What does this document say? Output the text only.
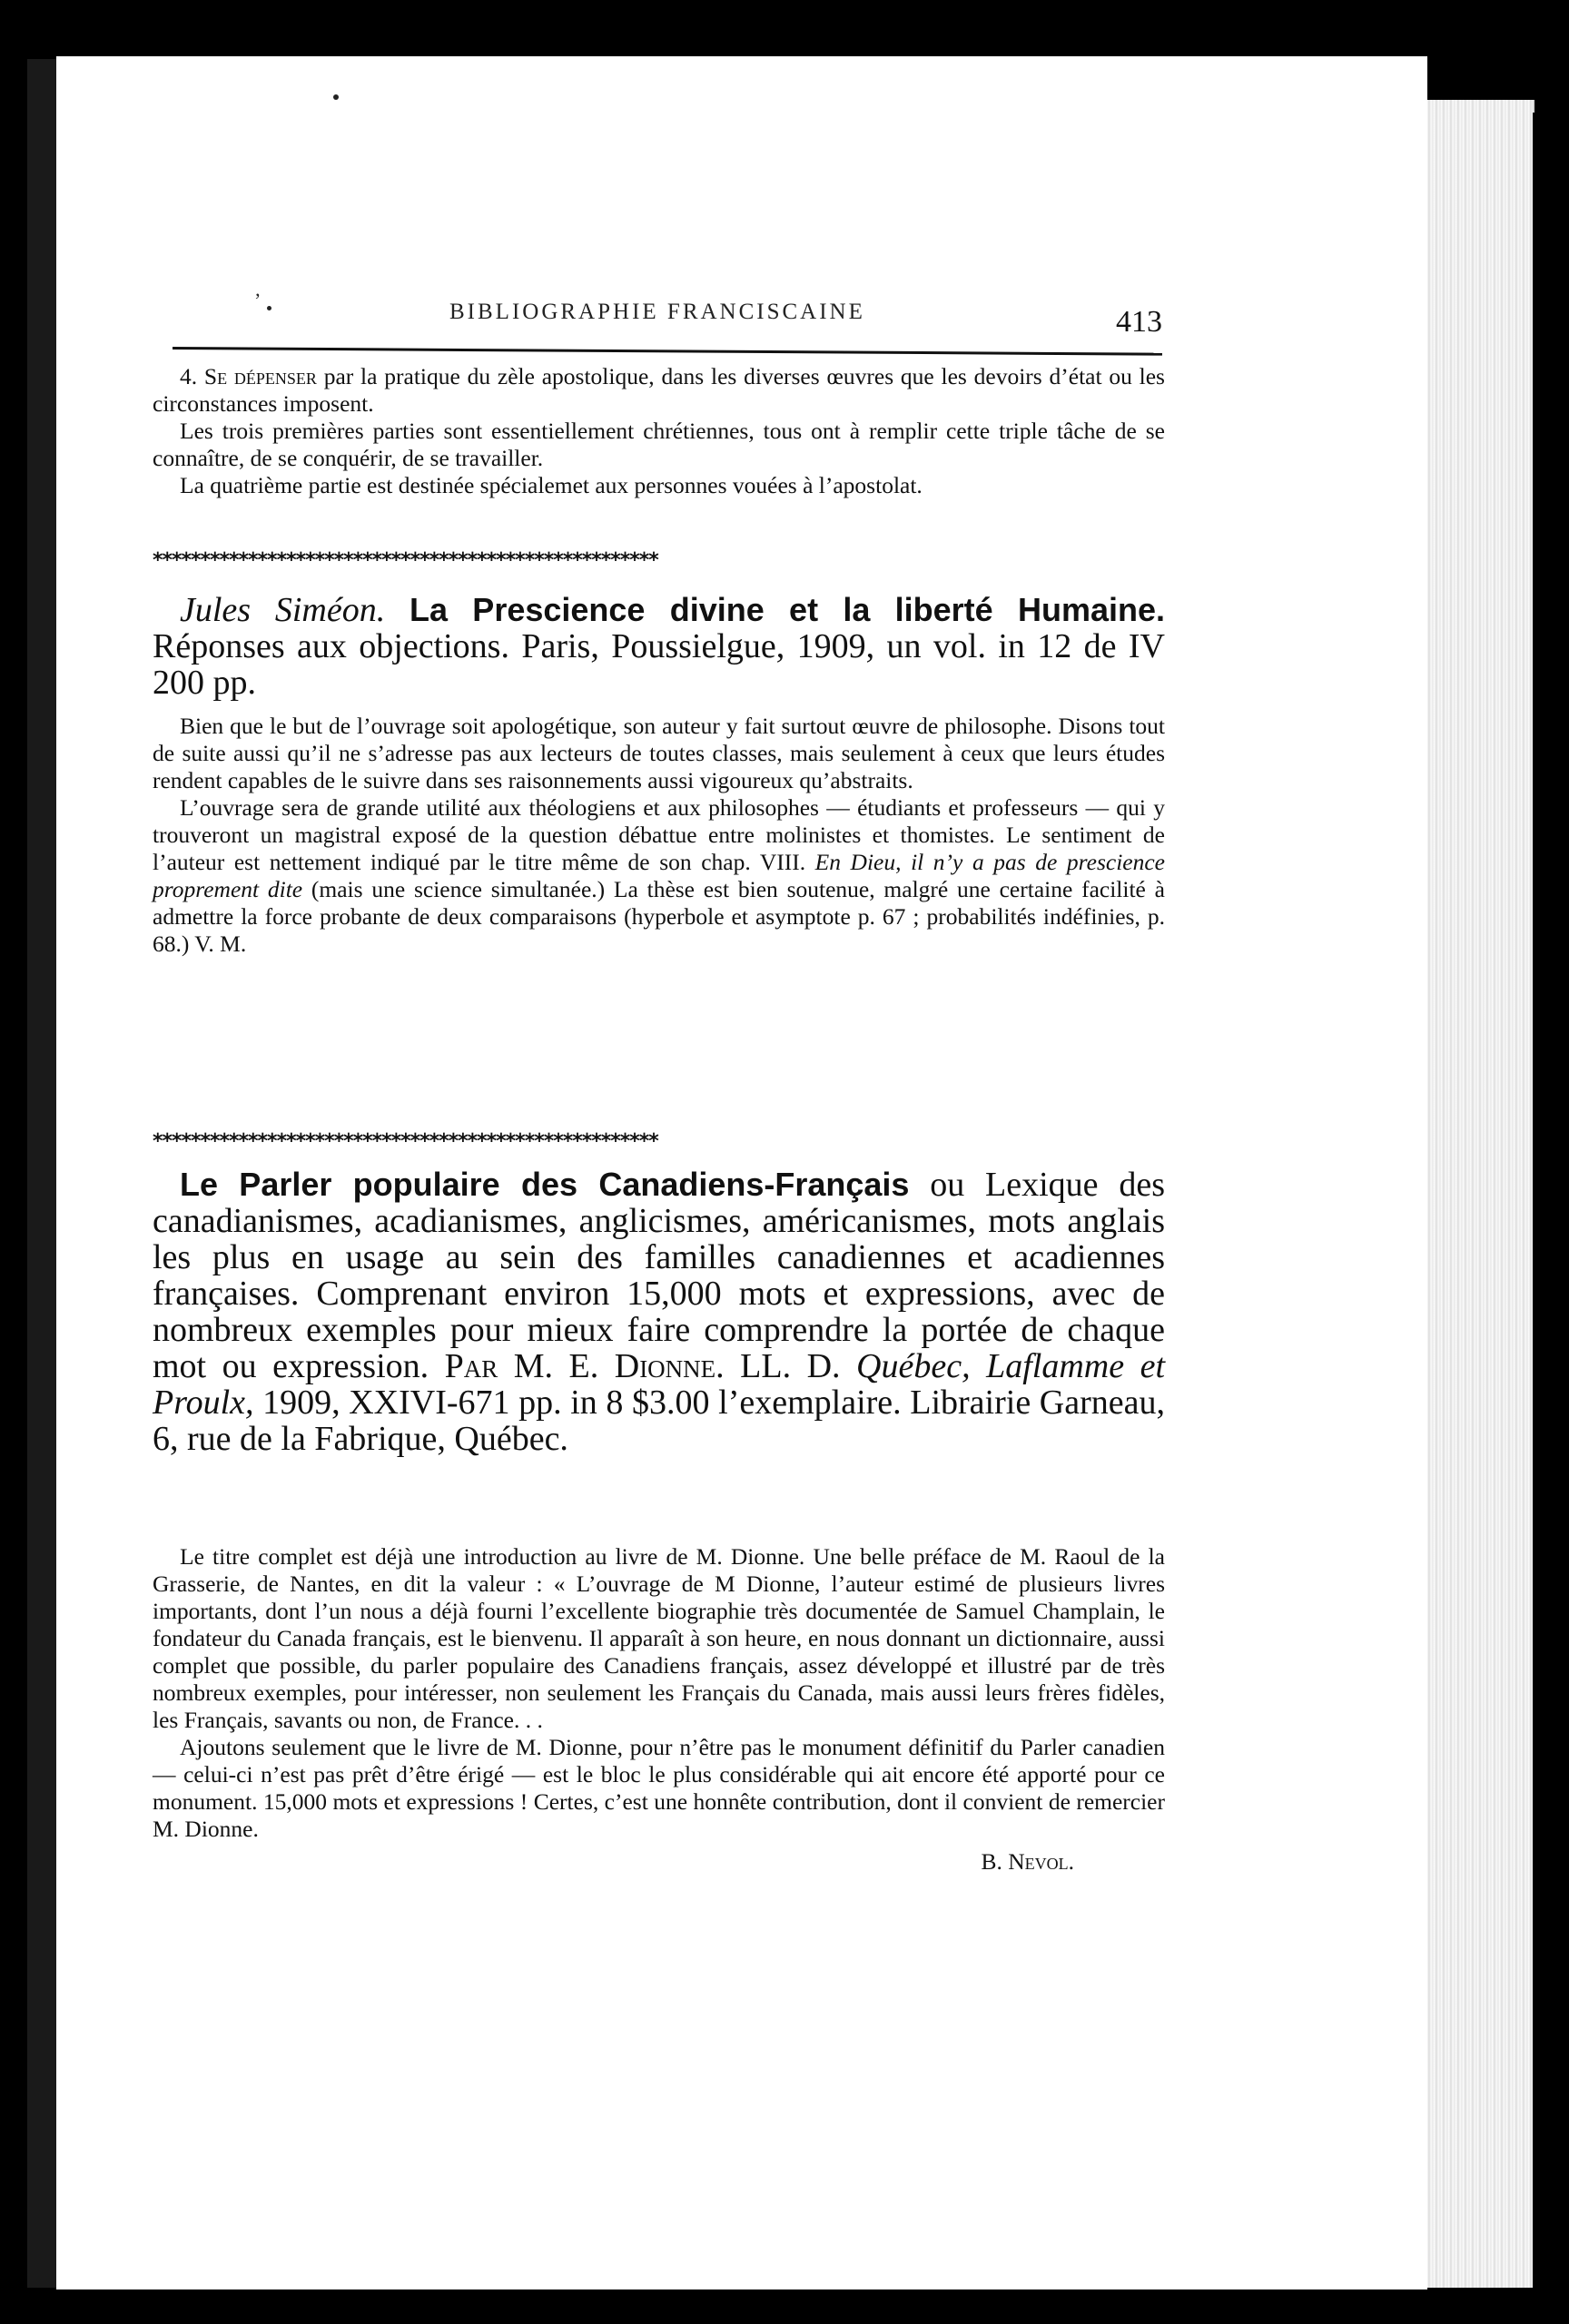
’	BIBLIOGRAPHIE FRANCISCAINE	413

4. Se dépenser par la pratique du zèle apostolique, dans les diverses œuvres que les devoirs d’état ou les circonstances imposent.

Les trois premières parties sont essentiellement chrétiennes, tous ont à remplir cette triple tâche de se connaître, de se conquérir, de se travailler.

La quatrième partie est destinée spécialemet aux personnes vouées à l’apostolat.

*****************************************************

Jules Siméon. La Prescience divine et la liberté Humaine. Réponses aux objections. Paris, Poussielgue, 1909, un vol. in 12 de IV 200 pp.

Bien que le but de l’ouvrage soit apologétique, son auteur y fait surtout œuvre de philosophe. Disons tout de suite aussi qu’il ne s’adresse pas aux lecteurs de toutes classes, mais seulement à ceux que leurs études rendent capables de le suivre dans ses raisonnements aussi vigoureux qu’abstraits.

L’ouvrage sera de grande utilité aux théologiens et aux philosophes — étudiants et professeurs — qui y trouveront un magistral exposé de la question débattue entre molinistes et thomistes. Le sentiment de l’auteur est nettement indiqué par le titre même de son chap. VIII. En Dieu, il n’y a pas de prescience proprement dite (mais une science simultanée.) La thèse est bien soutenue, malgré une certaine facilité à admettre la force probante de deux comparaisons (hyperbole et asymptote p. 67 ; probabilités indéfinies, p. 68.) V. M.

*****************************************************

Le Parler populaire des Canadiens-Français ou Lexique des canadianismes, acadianismes, anglicismes, américanismes, mots anglais les plus en usage au sein des familles canadiennes et acadiennes françaises. Comprenant environ 15,000 mots et expressions, avec de nombreux exemples pour mieux faire comprendre la portée de chaque mot ou expression. Par M. E. Dionne. LL. D. Québec, Laflamme et Proulx, 1909, XXIVI-671 pp. in 8 $3.00 l’exemplaire. Librairie Garneau, 6, rue de la Fabrique, Québec.

Le titre complet est déjà une introduction au livre de M. Dionne. Une belle préface de M. Raoul de la Grasserie, de Nantes, en dit la valeur : « L’ouvrage de M Dionne, l’auteur estimé de plusieurs livres importants, dont l’un nous a déjà fourni l’excellente biographie très documentée de Samuel Champlain, le fondateur du Canada français, est le bienvenu. Il apparaît à son heure, en nous donnant un dictionnaire, aussi complet que possible, du parler populaire des Canadiens français, assez développé et illustré par de très nombreux exemples, pour intéresser, non seulement les Français du Canada, mais aussi leurs frères fidèles, les Français, savants ou non, de France. . .

Ajoutons seulement que le livre de M. Dionne, pour n’être pas le monument définitif du Parler canadien — celui-ci n’est pas prêt d’être érigé — est le bloc le plus considérable qui ait encore été apporté pour ce monument. 15,000 mots et expressions ! Certes, c’est une honnête contribution, dont il convient de remercier M. Dionne.

B. Nevol.
